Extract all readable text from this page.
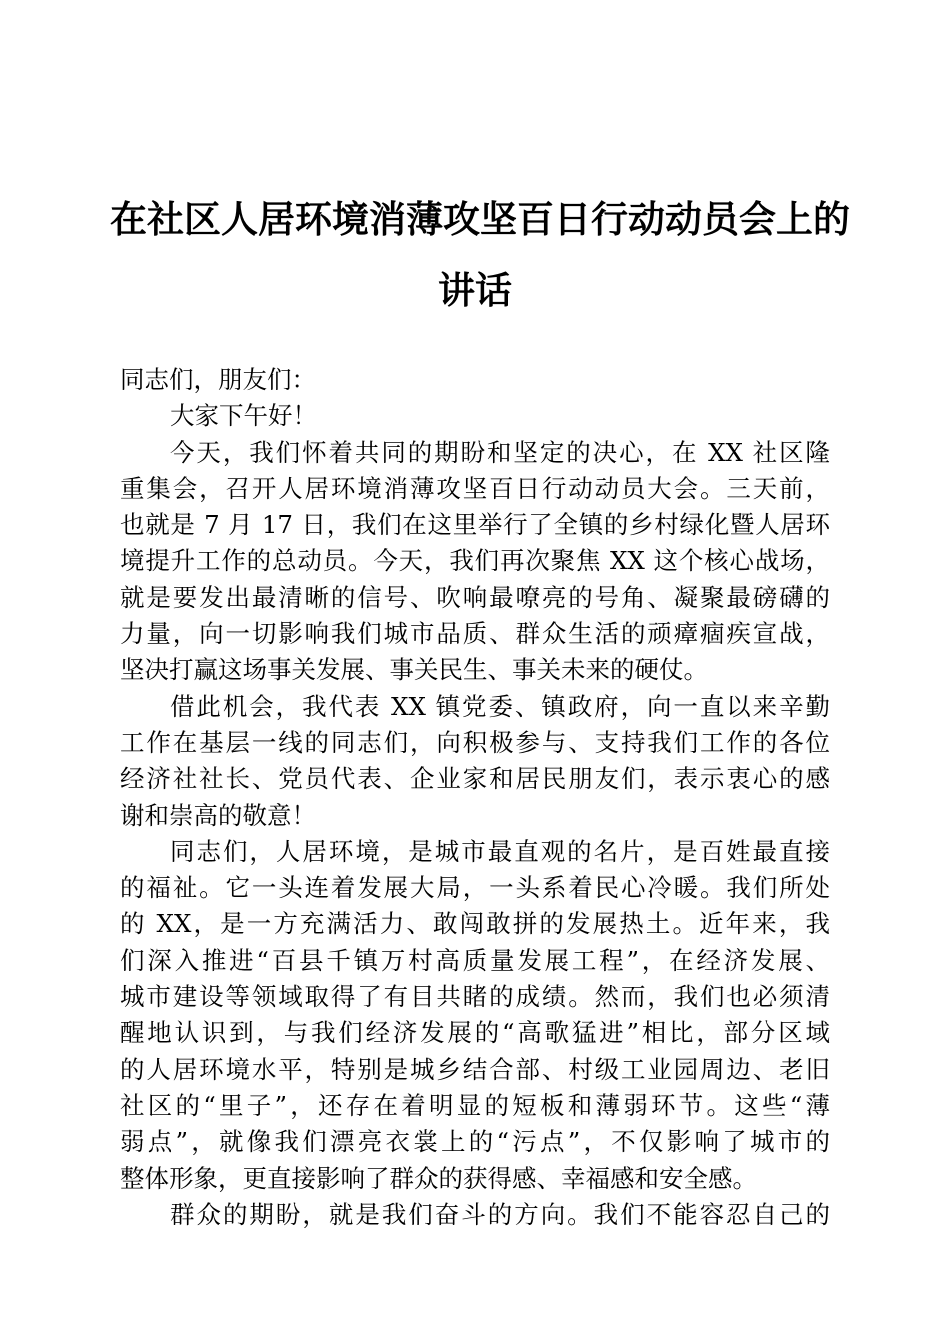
在社区人居环境消薄攻坚百日行动动员会上的
讲话
同志们，朋友们：
大家下午好！
今天，我们怀着共同的期盼和坚定的决心，在 XX 社区隆
重集会，召开人居环境消薄攻坚百日行动动员大会。三天前，
也就是 7 月 17 日，我们在这里举行了全镇的乡村绿化暨人居环
境提升工作的总动员。今天，我们再次聚焦 XX 这个核心战场，
就是要发出最清晰的信号、吹响最嘹亮的号角、凝聚最磅礴的
力量，向一切影响我们城市品质、群众生活的顽瘴痼疾宣战，
坚决打赢这场事关发展、事关民生、事关未来的硬仗。
借此机会，我代表 XX 镇党委、镇政府，向一直以来辛勤
工作在基层一线的同志们，向积极参与、支持我们工作的各位
经济社社长、党员代表、企业家和居民朋友们，表示衷心的感
谢和崇高的敬意！
同志们，人居环境，是城市最直观的名片，是百姓最直接
的福祉。它一头连着发展大局，一头系着民心冷暖。我们所处
的 XX，是一方充满活力、敢闯敢拼的发展热土。近年来，我
们深入推进“百县千镇万村高质量发展工程”，在经济发展、
城市建设等领域取得了有目共睹的成绩。然而，我们也必须清
醒地认识到，与我们经济发展的“高歌猛进”相比，部分区域
的人居环境水平，特别是城乡结合部、村级工业园周边、老旧
社区的“里子”，还存在着明显的短板和薄弱环节。这些“薄
弱点”，就像我们漂亮衣裳上的“污点”，不仅影响了城市的
整体形象，更直接影响了群众的获得感、幸福感和安全感。
群众的期盼，就是我们奋斗的方向。我们不能容忍自己的
